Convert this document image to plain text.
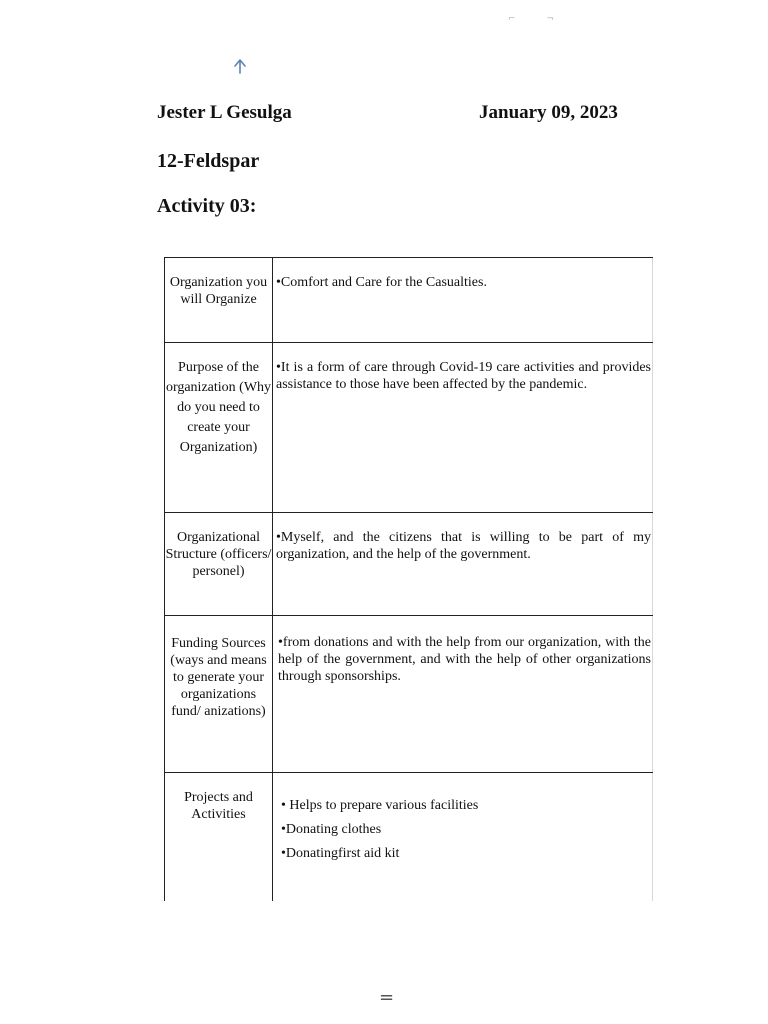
⌐ ¬
Jester L Gesulga	January 09, 2023
12-Feldspar
Activity 03:
Organization you will Organize
•Comfort and Care for the Casualties.
Purpose of the organization (Why do you need to create your Organization)
•It is a form of care through Covid-19 care activities and provides assistance to those have been affected by the pandemic.
Organizational Structure (officers/ personel)
•Myself, and the citizens that is willing to be part of my organization, and the help of the government.
Funding Sources (ways and means to generate your organizations fund/ anizations)
•from donations and with the help from our organization, with the help of the government, and with the help of other organizations through sponsorships.
Projects and Activities
• Helps to prepare various facilities
•Donating clothes
•Donatingfirst aid kit
=
